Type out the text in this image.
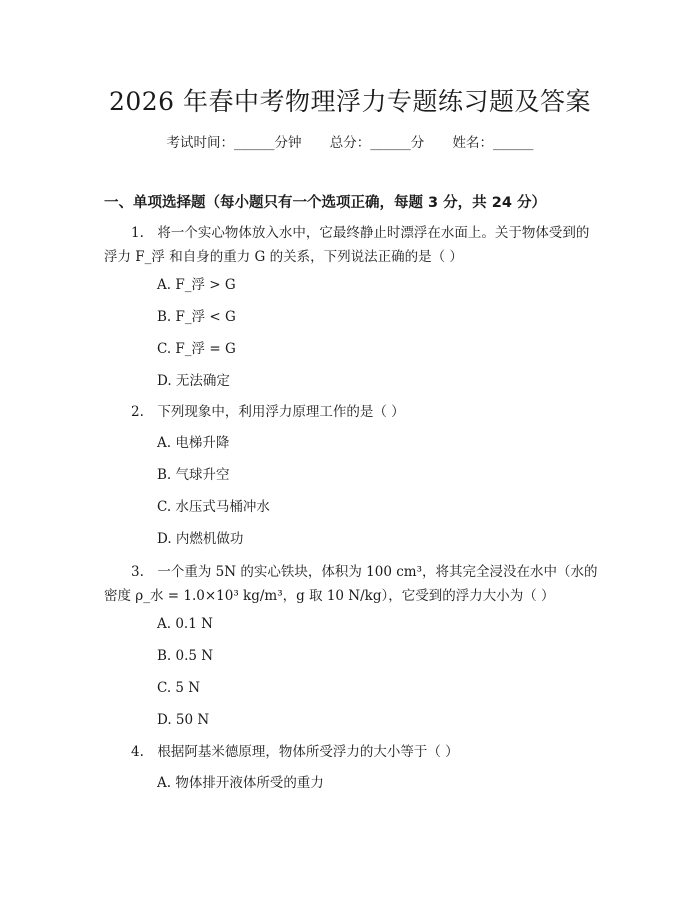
2026 年春中考物理浮力专题练习题及答案
考试时间：______分钟 总分：______分 姓名：______
一、单项选择题（每小题只有一个选项正确，每题 3 分，共 24 分）
1.　将一个实心物体放入水中，它最终静止时漂浮在水面上。关于物体受到的浮力 F_浮 和自身的重力 G 的关系，下列说法正确的是（ ）
A. F_浮 > G
B. F_浮 < G
C. F_浮 = G
D. 无法确定
2.　下列现象中，利用浮力原理工作的是（ ）
A. 电梯升降
B. 气球升空
C. 水压式马桶冲水
D. 内燃机做功
3.　一个重为 5N 的实心铁块，体积为 100 cm³，将其完全浸没在水中（水的密度 ρ_水 = 1.0×10³ kg/m³，g 取 10 N/kg），它受到的浮力大小为（ ）
A. 0.1 N
B. 0.5 N
C. 5 N
D. 50 N
4.　根据阿基米德原理，物体所受浮力的大小等于（ ）
A. 物体排开液体所受的重力
